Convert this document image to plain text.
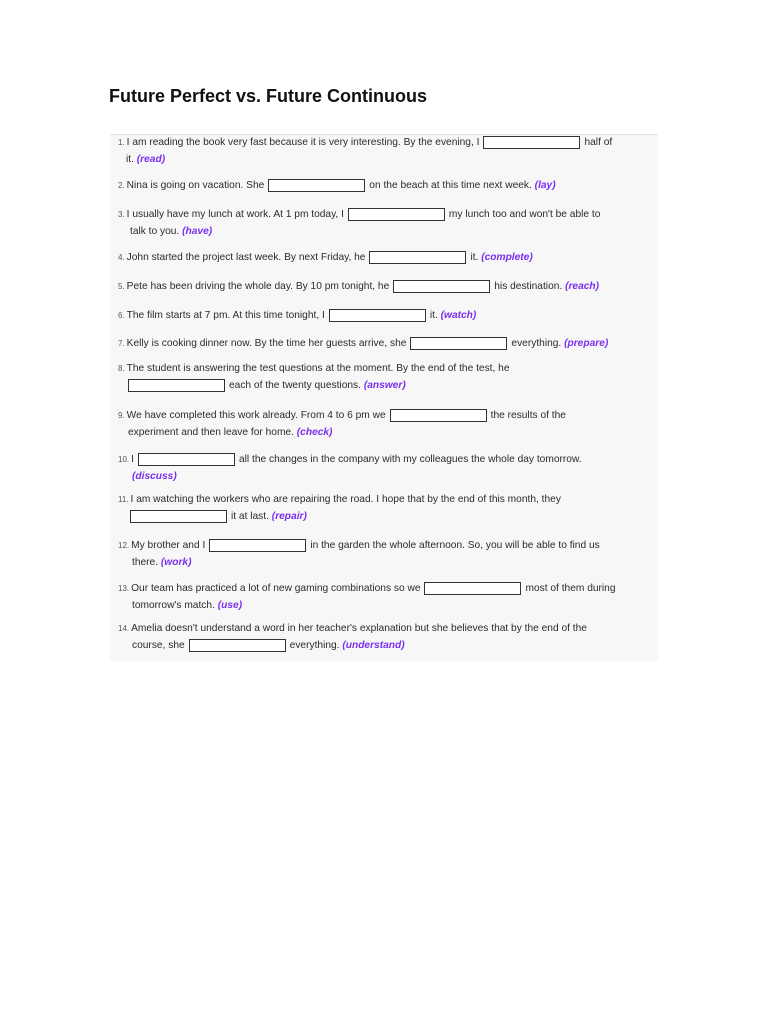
Future Perfect vs. Future Continuous
1. I am reading the book very fast because it is very interesting. By the evening, I	half of
it. (read)
2. Nina is going on vacation. She	on the beach at this time next week. (lay)
3. I usually have my lunch at work. At 1 pm today, I	my lunch too and won't be able to
talk to you. (have)
4. John started the project last week. By next Friday, he	it. (complete)
5. Pete has been driving the whole day. By 10 pm tonight, he	his destination. (reach)
6. The film starts at 7 pm. At this time tonight, I	it. (watch)
7. Kelly is cooking dinner now. By the time her guests arrive, she	everything. (prepare)
8. The student is answering the test questions at the moment. By the end of the test, he
each of the twenty questions. (answer)
9. We have completed this work already. From 4 to 6 pm we	the results of the
experiment and then leave for home. (check)
10. I	all the changes in the company with my colleagues the whole day tomorrow.
(discuss)
11. I am watching the workers who are repairing the road. I hope that by the end of this month, they
it at last. (repair)
12. My brother and I	in the garden the whole afternoon. So, you will be able to find us
there. (work)
13. Our team has practiced a lot of new gaming combinations so we	most of them during
tomorrow's match. (use)
14. Amelia doesn't understand a word in her teacher's explanation but she believes that by the end of the
course, she	everything. (understand)
